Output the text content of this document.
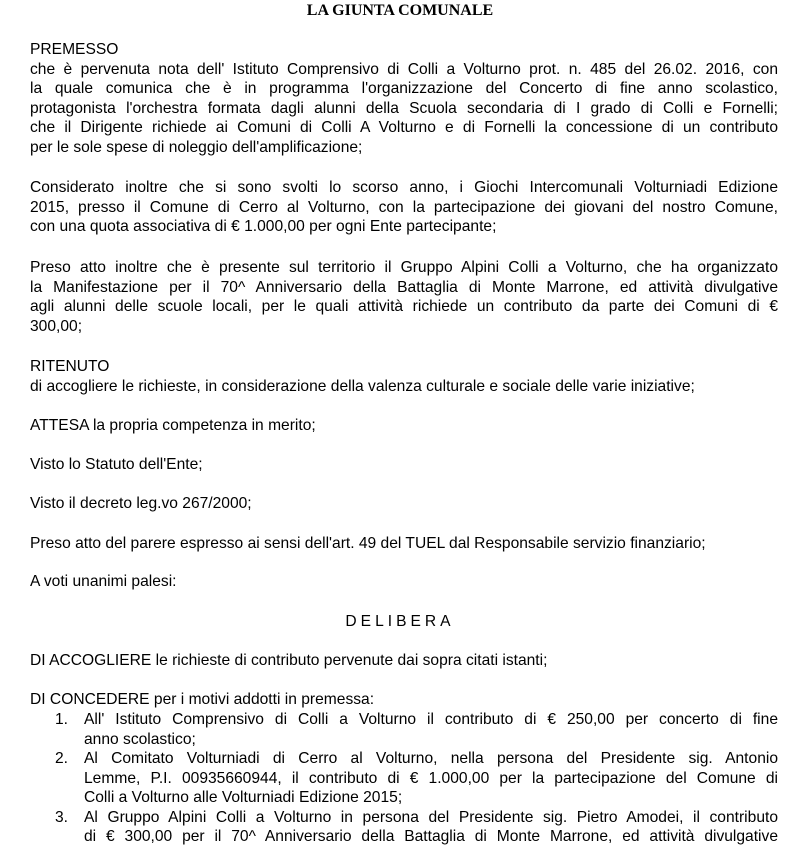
LA GIUNTA COMUNALE
PREMESSO
che è pervenuta nota dell' Istituto Comprensivo di Colli a Volturno prot. n. 485 del 26.02. 2016, con
la quale comunica che è in programma l'organizzazione del Concerto di fine anno scolastico,
protagonista l'orchestra formata dagli alunni della Scuola secondaria di I grado di Colli e Fornelli;
che il Dirigente richiede ai Comuni di Colli A Volturno e di Fornelli la concessione di un contributo
per le sole spese di noleggio dell'amplificazione;
Considerato inoltre che si sono svolti lo scorso anno, i Giochi Intercomunali Volturniadi Edizione
2015, presso il Comune di Cerro al Volturno, con la partecipazione dei giovani del nostro Comune,
con una quota associativa di € 1.000,00 per ogni Ente partecipante;
Preso atto inoltre che è presente sul territorio il Gruppo Alpini Colli a Volturno, che ha organizzato
la Manifestazione per il 70^ Anniversario della Battaglia di Monte Marrone, ed attività divulgative
agli alunni delle scuole locali, per le quali attività richiede un contributo da parte dei Comuni di €
300,00;
RITENUTO
di accogliere le richieste, in considerazione della valenza culturale e sociale delle varie iniziative;
ATTESA la propria competenza in merito;
Visto lo Statuto dell'Ente;
Visto il decreto leg.vo 267/2000;
Preso atto del parere espresso ai sensi dell'art. 49 del TUEL dal Responsabile servizio finanziario;
A voti unanimi palesi:
DELIBERA
DI ACCOGLIERE le richieste di contributo pervenute dai sopra citati istanti;
DI CONCEDERE per i motivi addotti in premessa:
1. All' Istituto Comprensivo di Colli a Volturno il contributo di € 250,00 per concerto di fine
anno scolastico;
2. Al Comitato Volturniadi di Cerro al Volturno, nella persona del Presidente sig. Antonio
Lemme, P.I. 00935660944, il contributo di € 1.000,00 per la partecipazione del Comune di
Colli a Volturno alle Volturniadi Edizione 2015;
3. Al Gruppo Alpini Colli a Volturno in persona del Presidente sig. Pietro Amodei, il contributo
di € 300,00 per il 70^ Anniversario della Battaglia di Monte Marrone, ed attività divulgative
